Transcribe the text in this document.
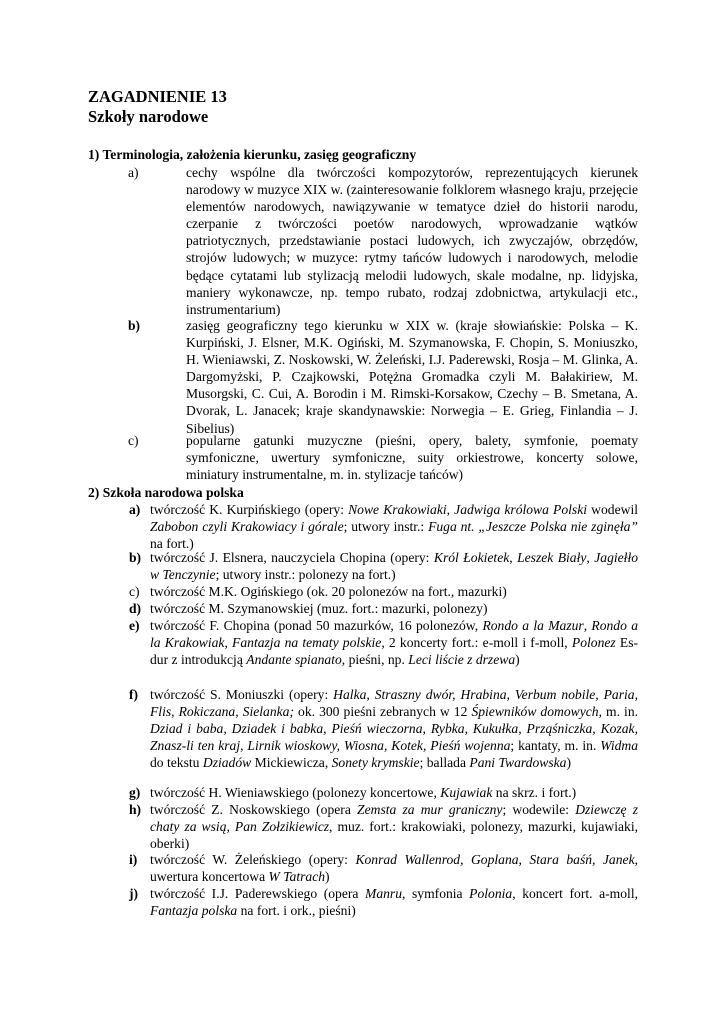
ZAGADNIENIE 13
Szkoły narodowe
1) Terminologia, założenia kierunku, zasięg geograficzny
a)	cechy wspólne dla twórczości kompozytorów, reprezentujących kierunek narodowy w muzyce XIX w. (zainteresowanie folklorem własnego kraju, przejęcie elementów narodowych, nawiązywanie w tematyce dzieł do historii narodu, czerpanie z twórczości poetów narodowych, wprowadzanie wątków patriotycznych, przedstawianie postaci ludowych, ich zwyczajów, obrzędów, strojów ludowych; w muzyce: rytmy tańców ludowych i narodowych, melodie będące cytatami lub stylizacją melodii ludowych, skale modalne, np. lidyjska, maniery wykonawcze, np. tempo rubato, rodzaj zdobnictwa, artykulacji etc., instrumentarium)
b)	zasięg geograficzny tego kierunku w XIX w. (kraje słowiańskie: Polska – K. Kurpiński, J. Elsner, M.K. Ogiński, M. Szymanowska, F. Chopin, S. Moniuszko, H. Wieniawski, Z. Noskowski, W. Żeleński, I.J. Paderewski, Rosja – M. Glinka, A. Dargomyżski, P. Czajkowski, Potężna Gromadka czyli M. Bałakiriew, M. Musorgski, C. Cui, A. Borodin i M. Rimski-Korsakow, Czechy – B. Smetana, A. Dvorak, L. Janacek; kraje skandynawskie: Norwegia – E. Grieg, Finlandia – J. Sibelius)
c)	popularne gatunki muzyczne (pieśni, opery, balety, symfonie, poematy symfoniczne, uwertury symfoniczne, suity orkiestrowe, koncerty solowe, miniatury instrumentalne, m. in. stylizacje tańców)
2) Szkoła narodowa polska
a) twórczość K. Kurpińskiego (opery: Nowe Krakowiaki, Jadwiga królowa Polski wodewil Zabobon czyli Krakowiacy i górale; utwory instr.: Fuga nt. „Jeszcze Polska nie zginęła” na fort.)
b) twórczość J. Elsnera, nauczyciela Chopina (opery: Król Łokietek, Leszek Biały, Jagiełło w Tenczynie; utwory instr.: polonezy na fort.)
c) twórczość M.K. Ogińskiego (ok. 20 polonezów na fort., mazurki)
d) twórczość M. Szymanowskiej (muz. fort.: mazurki, polonezy)
e) twórczość F. Chopina (ponad 50 mazurków, 16 polonezów, Rondo a la Mazur, Rondo a la Krakowiak, Fantazja na tematy polskie, 2 koncerty fort.: e-moll i f-moll, Polonez Es-dur z introdukcją Andante spianato, pieśni, np. Leci liście z drzewa)
f) twórczość S. Moniuszki (opery: Halka, Straszny dwór, Hrabina, Verbum nobile, Paria, Flis, Rokiczana, Sielanka; ok. 300 pieśni zebranych w 12 Śpiewników domowych, m. in. Dziad i baba, Dziadek i babka, Pieśń wieczorna, Rybka, Kukułka, Prząśniczka, Kozak, Znasz-li ten kraj, Lirnik wioskowy, Wiosna, Kotek, Pieśń wojenna; kantaty, m. in. Widma do tekstu Dziadów Mickiewicza, Sonety krymskie; ballada Pani Twardowska)
g) twórczość H. Wieniawskiego (polonezy koncertowe, Kujawiak na skrz. i fort.)
h) twórczość Z. Noskowskiego (opera Zemsta za mur graniczny; wodewile: Dziewczę z chaty za wsią, Pan Zołzikiewicz, muz. fort.: krakowiaki, polonezy, mazurki, kujawiaki, oberki)
i) twórczość W. Żeleńskiego (opery: Konrad Wallenrod, Goplana, Stara baśń, Janek, uwertura koncertowa W Tatrach)
j) twórczość I.J. Paderewskiego (opera Manru, symfonia Polonia, koncert fort. a-moll, Fantazja polska na fort. i ork., pieśni)
